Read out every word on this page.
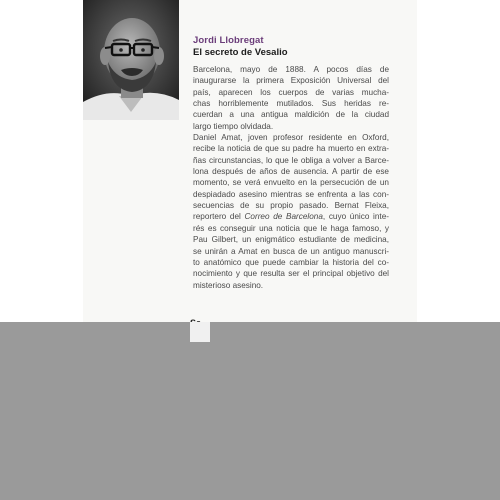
Jordi Llobregat
El secreto de Vesalio
Barcelona, mayo de 1888. A pocos días de
inaugurarse la primera Exposición Universal del
país, aparecen los cuerpos de varias mucha-
chas horriblemente mutilados. Sus heridas re-
cuerdan a una antigua maldición de la ciudad
largo tiempo olvidada.
Daniel Amat, joven profesor residente en Oxford,
recibe la noticia de que su padre ha muerto en extra-
ñas circunstancias, lo que le obliga a volver a Barce-
lona después de años de ausencia. A partir de ese
momento, se verá envuelto en la persecución de un
despiadado asesino mientras se enfrenta a las con-
secuencias de su propio pasado. Bernat Fleixa,
reportero del Correo de Barcelona, cuyo único inte-
rés es conseguir una noticia que le haga famoso, y
Pau Gilbert, un enigmático estudiante de medicina,
se unirán a Amat en busca de un antiguo manuscri-
to anatómico que puede cambiar la historia del co-
nocimiento y que resulta ser el principal objetivo del
misterioso asesino.
